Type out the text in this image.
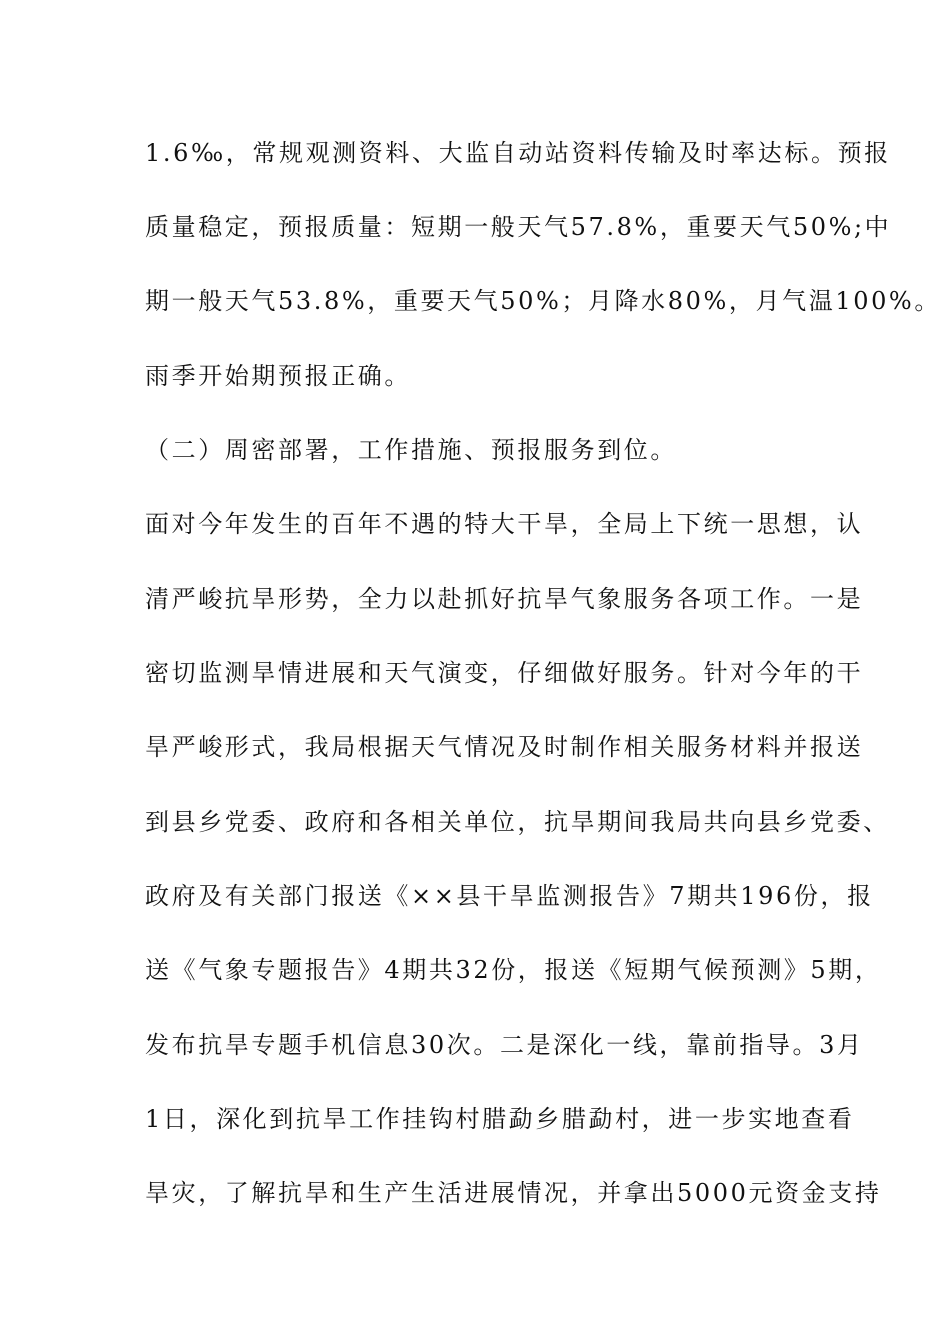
1.6‰，常规观测资料、大监自动站资料传输及时率达标。预报

质量稳定，预报质量：短期一般天气57.8%，重要天气50%;中

期一般天气53.8%，重要天气50%；月降水80%，月气温100%。

雨季开始期预报正确。

（二）周密部署，工作措施、预报服务到位。

面对今年发生的百年不遇的特大干旱，全局上下统一思想，认

清严峻抗旱形势，全力以赴抓好抗旱气象服务各项工作。一是

密切监测旱情进展和天气演变，仔细做好服务。针对今年的干

旱严峻形式，我局根据天气情况及时制作相关服务材料并报送

到县乡党委、政府和各相关单位，抗旱期间我局共向县乡党委、

政府及有关部门报送《××县干旱监测报告》7期共196份，报

送《气象专题报告》4期共32份，报送《短期气候预测》5期，

发布抗旱专题手机信息30次。二是深化一线，靠前指导。3月

1日，深化到抗旱工作挂钩村腊勐乡腊勐村，进一步实地查看

旱灾，了解抗旱和生产生活进展情况，并拿出5000元资金支持
